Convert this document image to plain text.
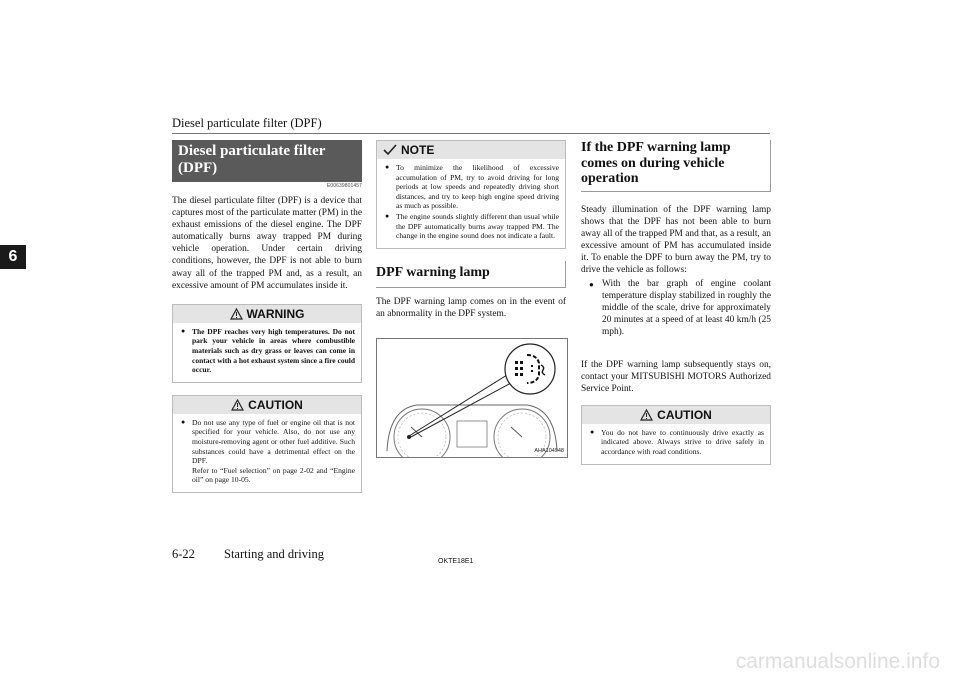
Diesel particulate filter (DPF)
6
Diesel particulate filter (DPF)
E00639801457

The diesel particulate filter (DPF) is a device that captures most of the particulate matter (PM) in the exhaust emissions of the diesel engine. The DPF automatically burns away trapped PM during vehicle operation. Under certain driving conditions, however, the DPF is not able to burn away all of the trapped PM and, as a result, an excessive amount of PM accumulates inside it.

WARNING
● The DPF reaches very high temperatures. Do not park your vehicle in areas where combustible materials such as dry grass or leaves can come in contact with a hot exhaust system since a fire could occur.
CAUTION
● Do not use any type of fuel or engine oil that is not specified for your vehicle. Also, do not use any moisture-removing agent or other fuel additive. Such substances could have a detrimental effect on the DPF.
Refer to “Fuel selection” on page 2-02 and “Engine oil” on page 10-05.
NOTE
● To minimize the likelihood of excessive accumulation of PM, try to avoid driving for long periods at low speeds and repeatedly driving short distances, and try to keep high engine speed driving as much as possible.
● The engine sounds slightly different than usual while the DPF automatically burns away trapped PM. The change in the engine sound does not indicate a fault.
DPF warning lamp

The DPF warning lamp comes on in the event of an abnormality in the DPF system.

AHA104948
If the DPF warning lamp comes on during vehicle operation

Steady illumination of the DPF warning lamp shows that the DPF has not been able to burn away all of the trapped PM and that, as a result, an excessive amount of PM has accumulated inside it. To enable the DPF to burn away the PM, try to drive the vehicle as follows:

● With the bar graph of engine coolant temperature display stabilized in roughly the middle of the scale, drive for approximately 20 minutes at a speed of at least 40 km/h (25 mph).

If the DPF warning lamp subsequently stays on, contact your MITSUBISHI MOTORS Authorized Service Point.

CAUTION
● You do not have to continuously drive exactly as indicated above. Always strive to drive safely in accordance with road conditions.
6-22 Starting and driving
OKTE18E1
carmanualsonline.info
